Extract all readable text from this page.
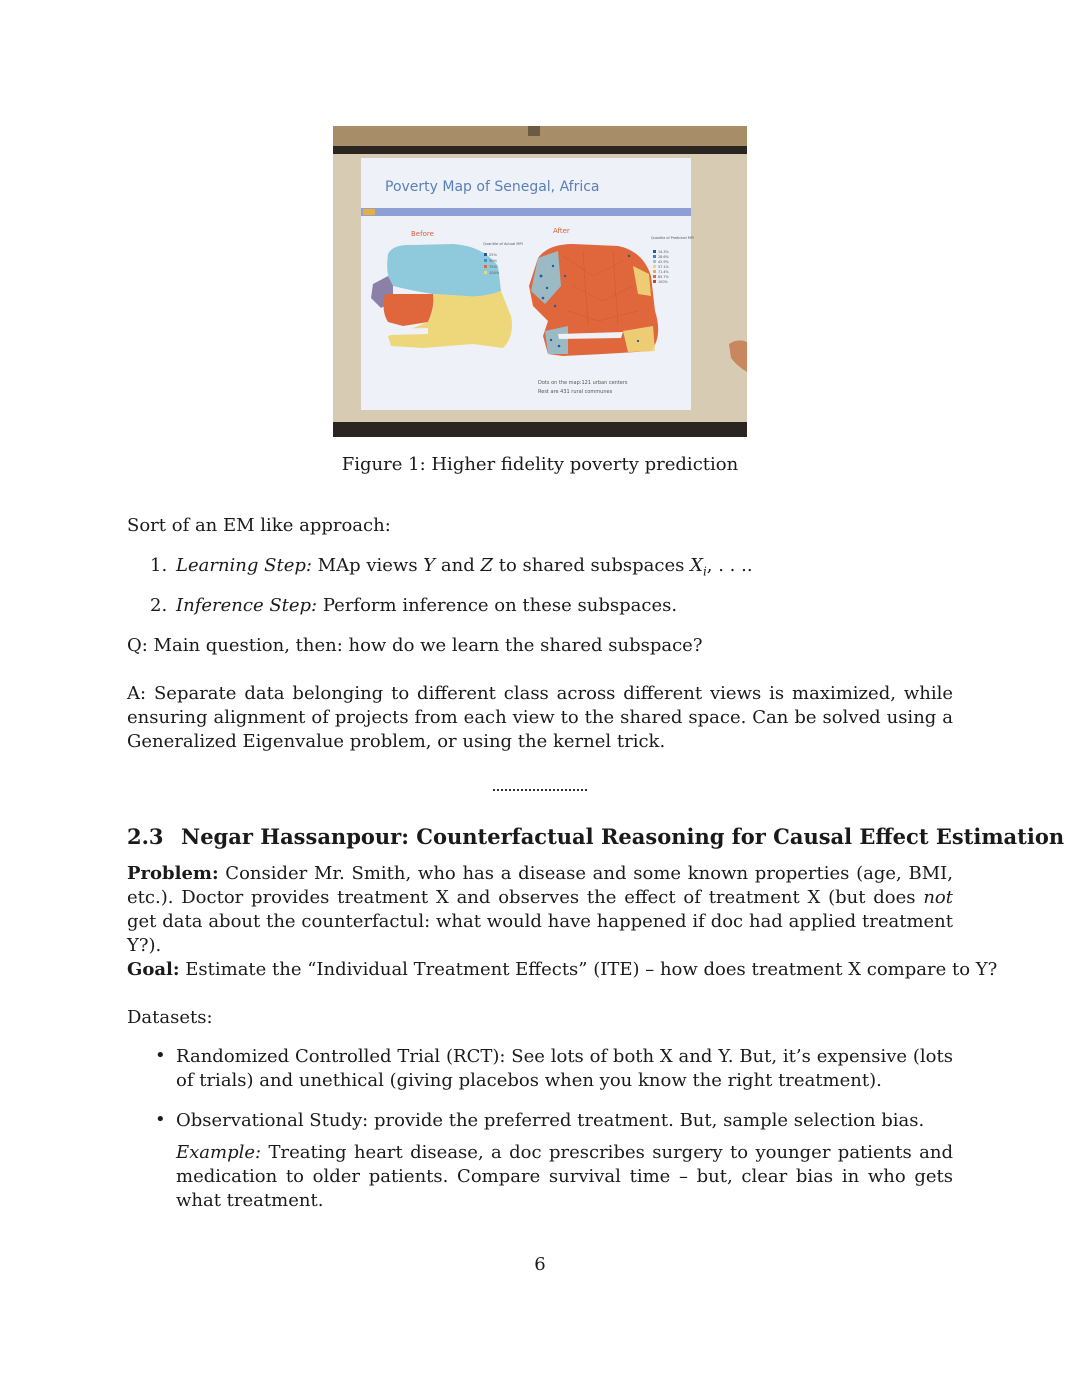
Poverty Map of Senegal, Africa
Before	After
Quantile of Actual MPI
25%
50%
75%
100%
Quantile of Predicted MPI
14.3%
28.6%
42.9%
57.1%
71.4%
85.7%
100%
Dots on the map:121 urban centers
Rest are 431 rural communes
Figure 1: Higher fidelity poverty prediction
Sort of an EM like approach:
1. Learning Step: MAp views Y and Z to shared subspaces $X_i$, . . ..
2. Inference Step: Perform inference on these subspaces.
Q: Main question, then: how do we learn the shared subspace?
A: Separate data belonging to different class across different views is maximized, while ensuring alignment of projects from each view to the shared space. Can be solved using a Generalized Eigenvalue problem, or using the kernel trick.
2.3 Negar Hassanpour: Counterfactual Reasoning for Causal Effect Estimation
Problem: Consider Mr. Smith, who has a disease and some known properties (age, BMI, etc.). Doctor provides treatment X and observes the effect of treatment X (but does not get data about the counterfactul: what would have happened if doc had applied treatment Y?).
Goal: Estimate the “Individual Treatment Effects” (ITE) – how does treatment X compare to Y?
Datasets:
• Randomized Controlled Trial (RCT): See lots of both X and Y. But, it’s expensive (lots of trials) and unethical (giving placebos when you know the right treatment).
• Observational Study: provide the preferred treatment. But, sample selection bias.
Example: Treating heart disease, a doc prescribes surgery to younger patients and medication to older patients. Compare survival time – but, clear bias in who gets what treatment.
6
